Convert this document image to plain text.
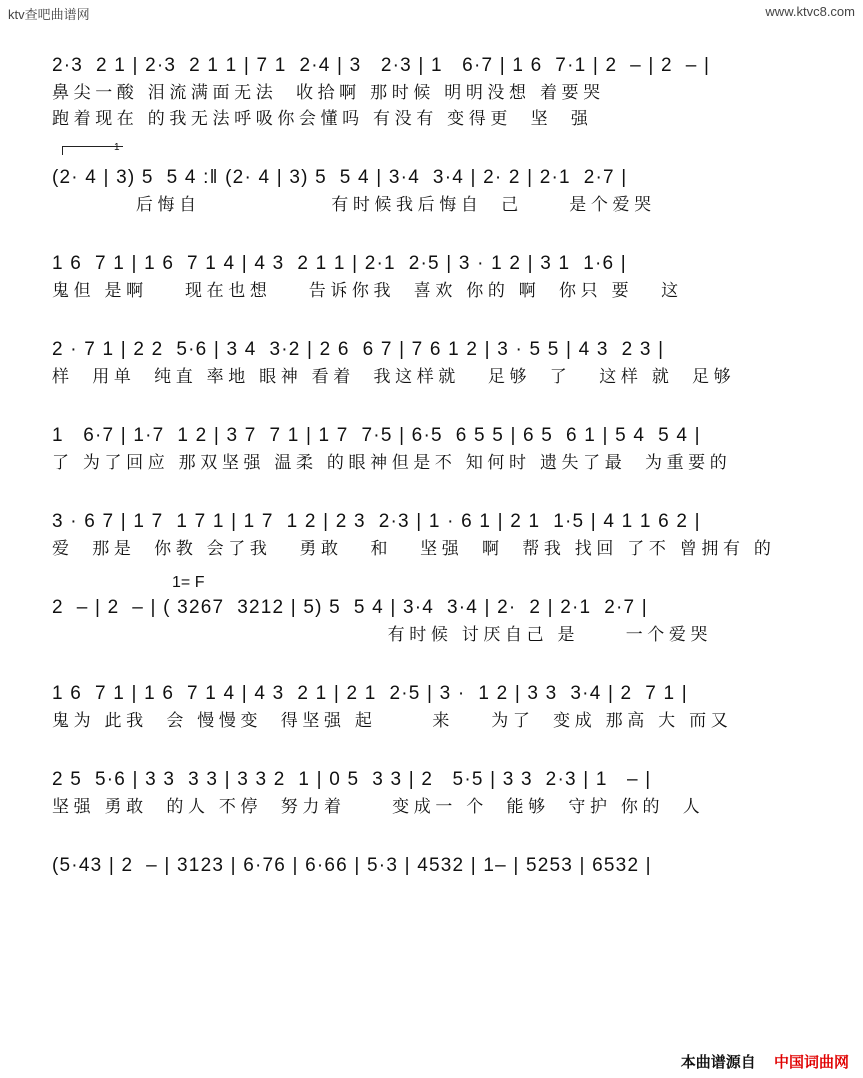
ktv查吧曲谱网	www.ktvc8.com
2·3  2 1 | 2·3  2 1 1 | 7 1  2·4 | 3   2·3 | 1   6·7 | 1 6  7·1 | 2  – | 2  – |
鼻尖一酸 泪流满面无法  收拾啊 那时候 明明没想 着要哭
跑着现在 的我无法呼吸你会懂吗 有没有 变得更  坚  强
1
(2· 4 | 3) 5  5 4 :‖ (2· 4 | 3) 5  5 4 | 3·4  3·4 | 2· 2 | 2·1  2·7 |
后悔自              有时候我后悔自  己     是个爱哭
1 6  7 1 | 1 6  7 1 4 | 4 3  2 1 1 | 2·1  2·5 | 3 · 1 2 | 3 1  1·6 |
鬼但 是啊    现在也想    告诉你我  喜欢 你的 啊  你只 要   这
2 · 7 1 | 2 2  5·6 | 3 4  3·2 | 2 6  6 7 | 7 6 1 2 | 3 · 5 5 | 4 3  2 3 |
样  用单  纯直 率地 眼神 看着  我这样就   足够  了   这样 就  足够
1   6·7 | 1·7  1 2 | 3 7  7 1 | 1 7  7·5 | 6·5  6 5 5 | 6 5  6 1 | 5 4  5 4 |
了 为了回应 那双坚强 温柔 的眼神但是不 知何时 遗失了最  为重要的
3 · 6 7 | 1 7  1 7 1 | 1 7  1 2 | 2 3  2·3 | 1 · 6 1 | 2 1  1·5 | 4 1 1 6 2 |
爱  那是  你教 会了我   勇敢   和   坚强  啊  帮我 找回 了不 曾拥有 的
1= F
2  – | 2  – | ( 3267  3212 | 5) 5  5 4 | 3·4  3·4 | 2·  2 | 2·1  2·7 |
有时候 讨厌自己 是     一个爱哭
1 6  7 1 | 1 6  7 1 4 | 4 3  2 1 | 2 1  2·5 | 3 ·  1 2 | 3 3  3·4 | 2  7 1 |
鬼为 此我  会 慢慢变  得坚强 起      来    为了  变成 那高 大 而又
2 5  5·6 | 3 3  3 3 | 3 3 2  1 | 0 5  3 3 | 2   5·5 | 3 3  2·3 | 1   – |
坚强 勇敢  的人 不停  努力着     变成一 个  能够  守护 你的  人
(5·43 | 2  – | 3123 | 6·76 | 6·66 | 5·3 | 4532 | 1– | 5253 | 6532 |
本曲谱源自 中国词曲网
